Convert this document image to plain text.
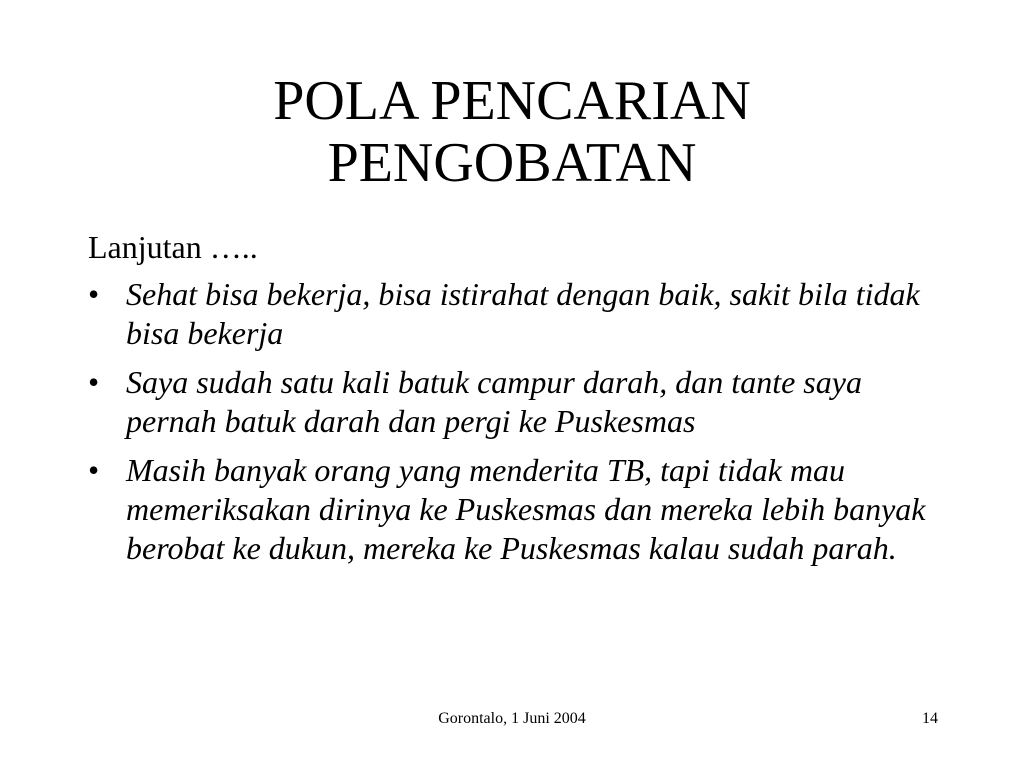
POLA PENCARIAN
PENGOBATAN

Lanjutan …..

• Sehat bisa bekerja, bisa istirahat dengan baik, sakit bila tidak bisa bekerja
• Saya sudah satu kali batuk campur darah, dan tante saya pernah batuk darah dan pergi ke Puskesmas
• Masih banyak orang yang menderita TB, tapi tidak mau memeriksakan dirinya ke Puskesmas dan mereka lebih banyak berobat ke dukun, mereka ke Puskesmas kalau sudah parah.
Gorontalo, 1 Juni 2004	14
